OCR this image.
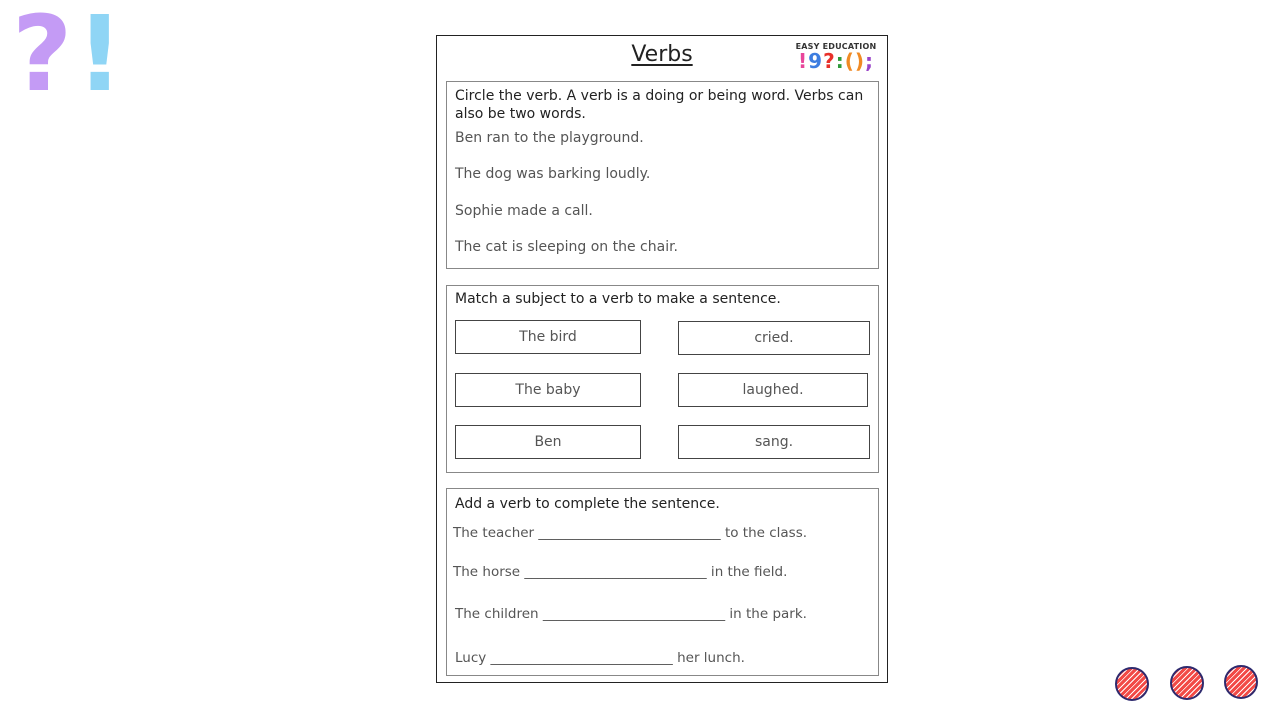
? !	Verbs	EASY EDUCATION
!9?:();
Circle the verb. A verb is a doing or being word. Verbs can also be two words.
Ben ran to the playground.
The dog was barking loudly.
Sophie made a call.
The cat is sleeping on the chair.
Match a subject to a verb to make a sentence.
The bird	cried.
The baby	laughed.
Ben	sang.
Add a verb to complete the sentence.
The teacher ___________________________ to the class.
The horse ___________________________ in the field.
The children ___________________________ in the park.
Lucy ___________________________ her lunch.
